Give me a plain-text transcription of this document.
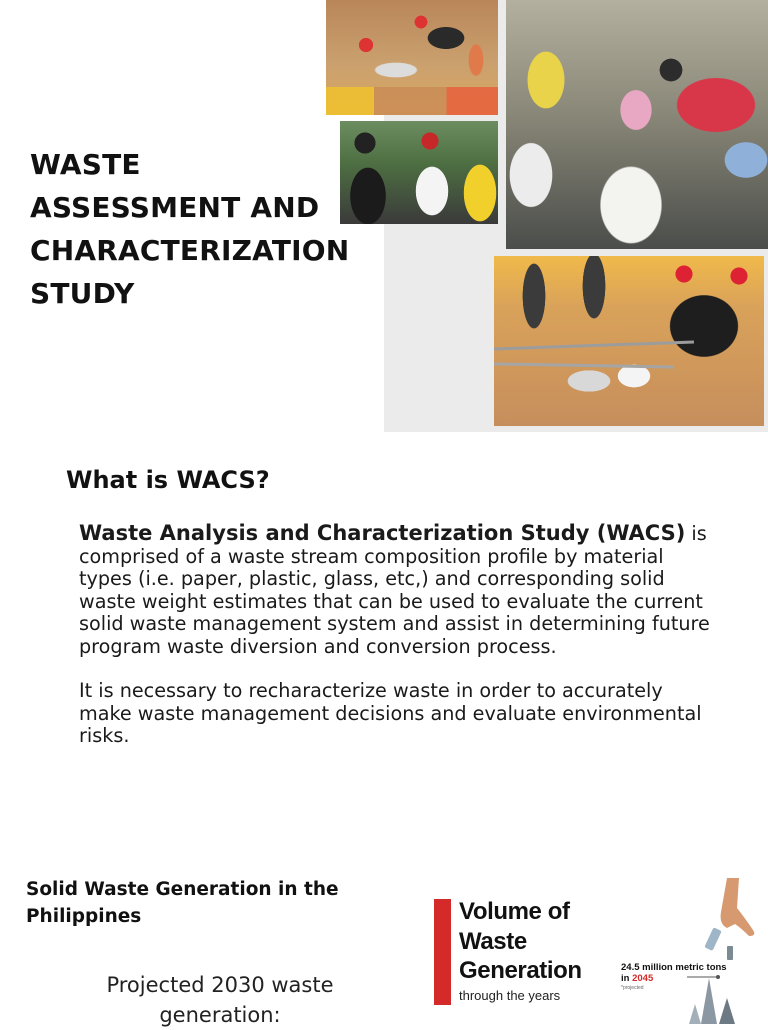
WASTE
ASSESSMENT AND
CHARACTERIZATION
STUDY
What is WACS?

Waste Analysis and Characterization Study (WACS) is comprised of a waste stream composition profile by material types (i.e. paper, plastic, glass, etc,) and corresponding solid waste weight estimates that can be used to evaluate the current solid waste management system and assist in determining future program waste diversion and conversion process.

It is necessary to recharacterize waste in order to accurately make waste management decisions and evaluate environmental risks.

Solid Waste Generation in the Philippines

Projected 2030 waste generation:

Volume of
Waste
Generation

through the years

24.5 million metric tons in 2045

*projected
